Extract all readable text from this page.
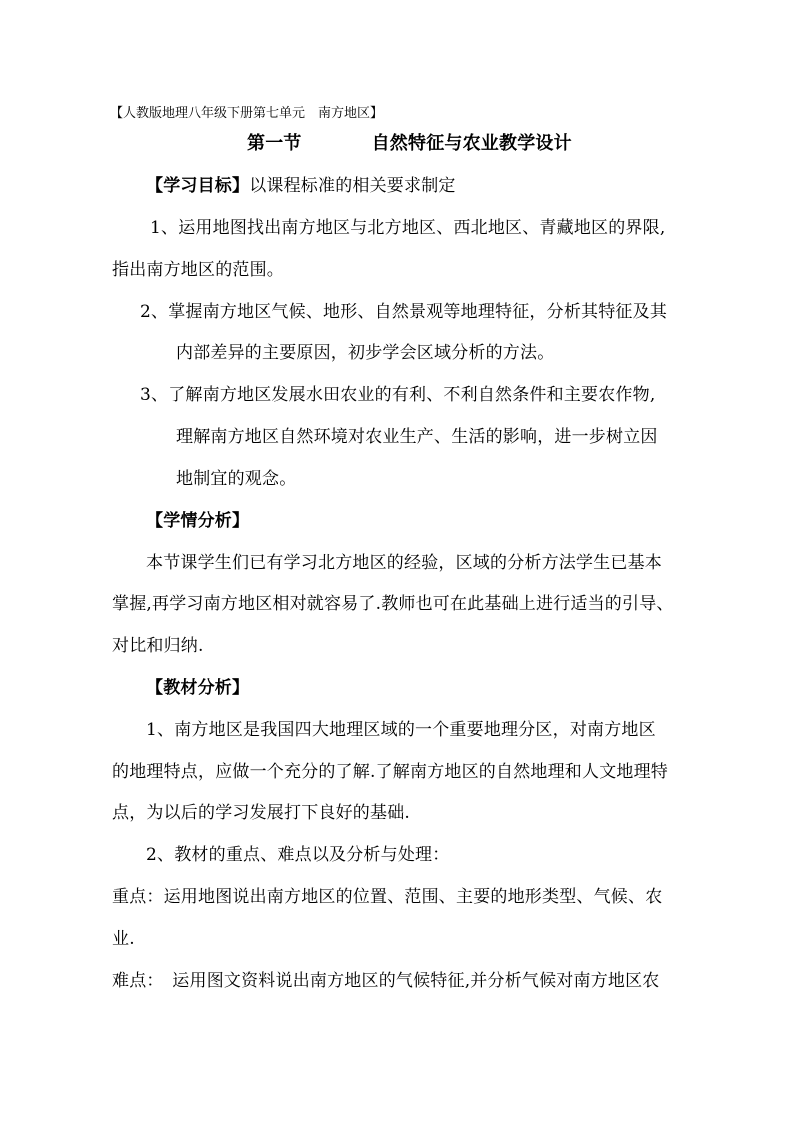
【人教版地理八年级下册第七单元　南方地区】
第一节	自然特征与农业教学设计
【学习目标】以课程标准的相关要求制定
1、运用地图找出南方地区与北方地区、西北地区、青藏地区的界限,
指出南方地区的范围。
2、掌握南方地区气候、地形、自然景观等地理特征，分析其特征及其
内部差异的主要原因，初步学会区域分析的方法。
3、了解南方地区发展水田农业的有利、不利自然条件和主要农作物,
理解南方地区自然环境对农业生产、生活的影响，进一步树立因
地制宜的观念。
【学情分析】
本节课学生们已有学习北方地区的经验，区域的分析方法学生已基本
掌握,再学习南方地区相对就容易了.教师也可在此基础上进行适当的引导、
对比和归纳.
【教材分析】
1、南方地区是我国四大地理区域的一个重要地理分区，对南方地区
的地理特点，应做一个充分的了解.了解南方地区的自然地理和人文地理特
点，为以后的学习发展打下良好的基础.
2、教材的重点、难点以及分析与处理：
重点：运用地图说出南方地区的位置、范围、主要的地形类型、气候、农
业.
难点：　运用图文资料说出南方地区的气候特征,并分析气候对南方地区农
